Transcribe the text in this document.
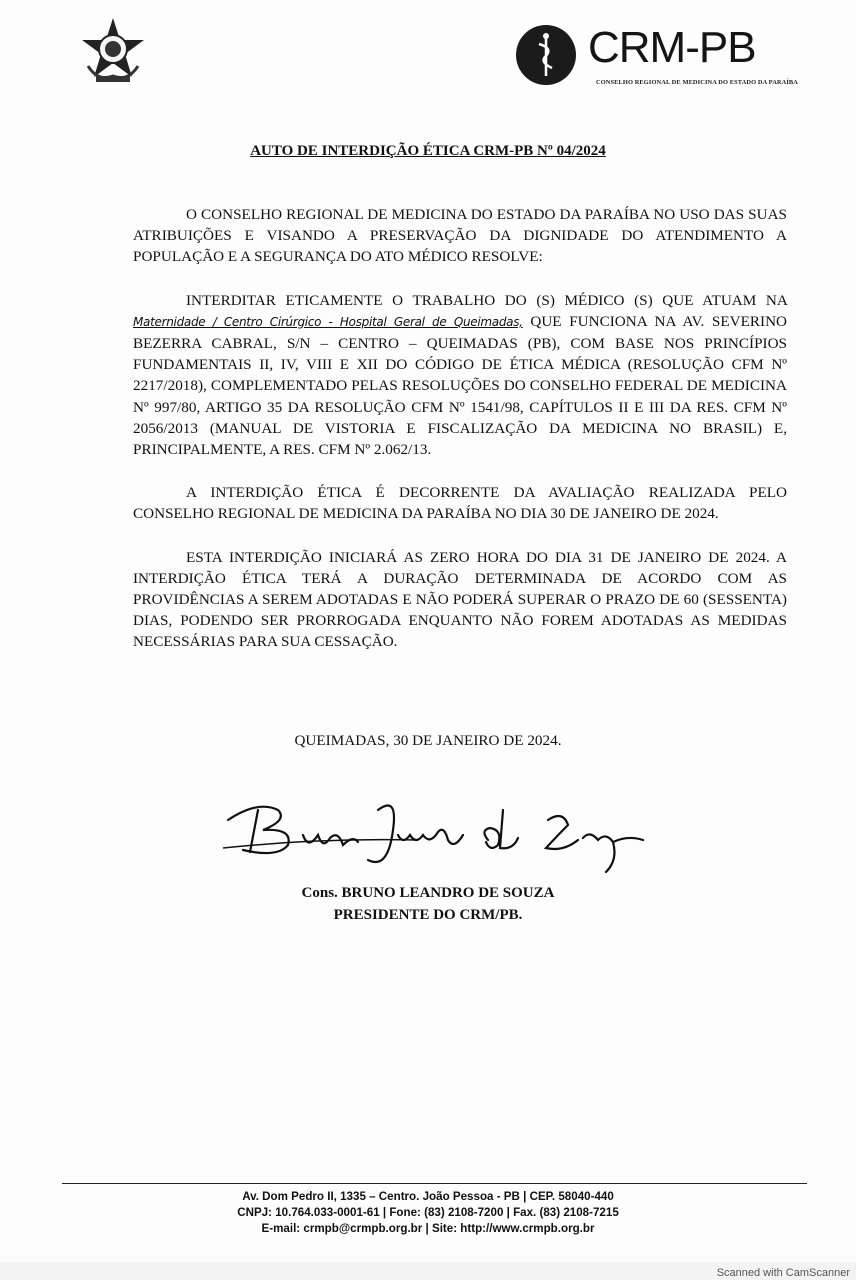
CRM-PB
CONSELHO REGIONAL DE MEDICINA DO ESTADO DA PARAÍBA
AUTO DE INTERDIÇÃO ÉTICA CRM-PB Nº 04/2024

O CONSELHO REGIONAL DE MEDICINA DO ESTADO DA PARAÍBA NO USO DAS SUAS ATRIBUIÇÕES E VISANDO A PRESERVAÇÃO DA DIGNIDADE DO ATENDIMENTO A POPULAÇÃO E A SEGURANÇA DO ATO MÉDICO RESOLVE:

INTERDITAR ETICAMENTE O TRABALHO DO (S) MÉDICO (S) QUE ATUAM NA Maternidade / Centro Cirúrgico - Hospital Geral de Queimadas, QUE FUNCIONA NA AV. SEVERINO BEZERRA CABRAL, S/N – CENTRO – QUEIMADAS (PB), COM BASE NOS PRINCÍPIOS FUNDAMENTAIS II, IV, VIII E XII DO CÓDIGO DE ÉTICA MÉDICA (RESOLUÇÃO CFM Nº 2217/2018), COMPLEMENTADO PELAS RESOLUÇÕES DO CONSELHO FEDERAL DE MEDICINA Nº 997/80, ARTIGO 35 DA RESOLUÇÃO CFM Nº 1541/98, CAPÍTULOS II E III DA RES. CFM Nº 2056/2013 (MANUAL DE VISTORIA E FISCALIZAÇÃO DA MEDICINA NO BRASIL) E, PRINCIPALMENTE, A RES. CFM Nº 2.062/13.

A INTERDIÇÃO ÉTICA É DECORRENTE DA AVALIAÇÃO REALIZADA PELO CONSELHO REGIONAL DE MEDICINA DA PARAÍBA NO DIA 30 DE JANEIRO DE 2024.

ESTA INTERDIÇÃO INICIARÁ AS ZERO HORA DO DIA 31 DE JANEIRO DE 2024. A INTERDIÇÃO ÉTICA TERÁ A DURAÇÃO DETERMINADA DE ACORDO COM AS PROVIDÊNCIAS A SEREM ADOTADAS E NÃO PODERÁ SUPERAR O PRAZO DE 60 (SESSENTA) DIAS, PODENDO SER PRORROGADA ENQUANTO NÃO FOREM ADOTADAS AS MEDIDAS NECESSÁRIAS PARA SUA CESSAÇÃO.

QUEIMADAS, 30 DE JANEIRO DE 2024.
Cons. BRUNO LEANDRO DE SOUZA
PRESIDENTE DO CRM/PB.
Av. Dom Pedro II, 1335 – Centro. João Pessoa - PB | CEP. 58040-440
CNPJ: 10.764.033-0001-61 | Fone: (83) 2108-7200 | Fax. (83) 2108-7215
E-mail: crmpb@crmpb.org.br | Site: http://www.crmpb.org.br
Scanned with CamScanner
